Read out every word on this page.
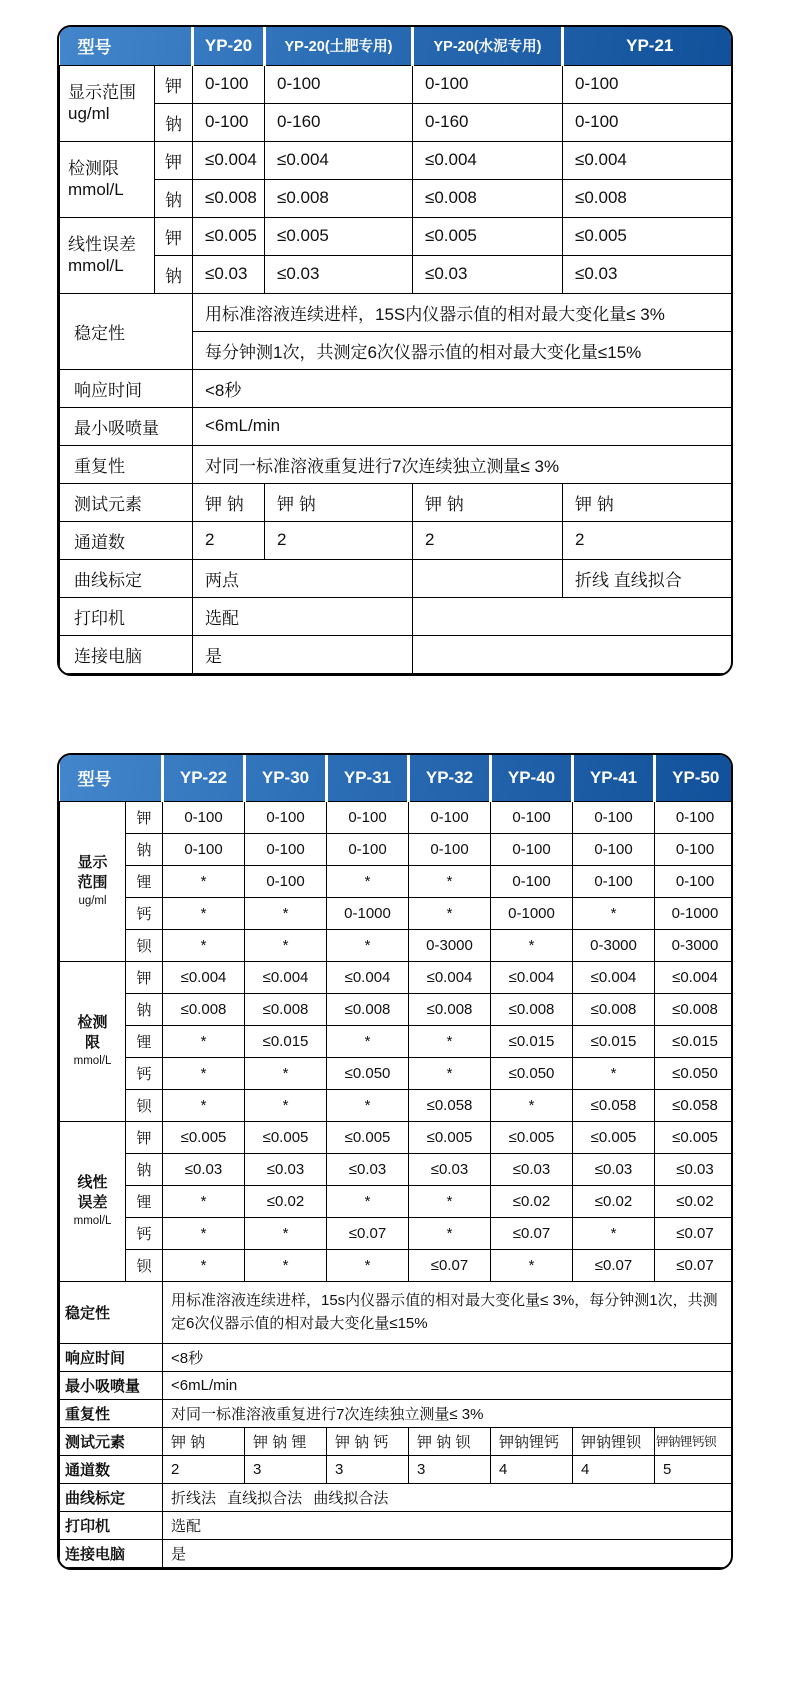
型号		YP-20	YP-20(土肥专用)	YP-20(水泥专用)	YP-21

显示范围
ug/ml	钾	0-100	0-100	0-100	0-100
	钠	0-100	0-160	0-160	0-100

检测限
mmol/L	钾	≤0.004	≤0.004	≤0.004	≤0.004
	钠	≤0.008	≤0.008	≤0.008	≤0.008

线性误差
mmol/L	钾	≤0.005	≤0.005	≤0.005	≤0.005
	钠	≤0.03	≤0.03	≤0.03	≤0.03
稳定性		用标准溶液连续进样，15S内仪器示值的相对最大变化量≤ 3%			
		每分钟测1次，共测定6次仪器示值的相对最大变化量≤15%			
响应时间		<8秒			
最小吸喷量		<6mL/min			
重复性		对同一标准溶液重复进行7次连续独立测量≤ 3%			
测试元素		钾 钠	钾 钠	钾 钠	钾 钠
通道数		2	2	2	2
曲线标定		两点			折线 直线拟合
打印机		选配			
连接电脑		是			
型号		YP-22	YP-30	YP-31	YP-32	YP-40	YP-41	YP-50

显示
范围
ug/ml	钾	0-100	0-100	0-100	0-100	0-100	0-100	0-100
	钠	0-100	0-100	0-100	0-100	0-100	0-100	0-100
	锂	*	0-100	*	*	0-100	0-100	0-100
	钙	*	*	0-1000	*	0-1000	*	0-1000
	钡	*	*	*	0-3000	*	0-3000	0-3000

检测
限
mmol/L	钾	≤0.004	≤0.004	≤0.004	≤0.004	≤0.004	≤0.004	≤0.004
	钠	≤0.008	≤0.008	≤0.008	≤0.008	≤0.008	≤0.008	≤0.008
	锂	*	≤0.015	*	*	≤0.015	≤0.015	≤0.015
	钙	*	*	≤0.050	*	≤0.050	*	≤0.050
	钡	*	*	*	≤0.058	*	≤0.058	≤0.058

线性
误差
mmol/L	钾	≤0.005	≤0.005	≤0.005	≤0.005	≤0.005	≤0.005	≤0.005
	钠	≤0.03	≤0.03	≤0.03	≤0.03	≤0.03	≤0.03	≤0.03
	锂	*	≤0.02	*	*	≤0.02	≤0.02	≤0.02
	钙	*	*	≤0.07	*	≤0.07	*	≤0.07
	钡	*	*	*	≤0.07	*	≤0.07	≤0.07
稳定性		用标准溶液连续进样，15s内仪器示值的相对最大变化量≤ 3%，每分钟测1次，共测定6次仪器示值的相对最大变化量≤15%						
响应时间		<8秒						
最小吸喷量		<6mL/min						
重复性		对同一标准溶液重复进行7次连续独立测量≤ 3%						
测试元素		钾 钠	钾 钠 锂	钾 钠 钙	钾 钠 钡	钾钠锂钙	钾钠锂钡	钾钠锂钙钡
通道数		2	3	3	3	4	4	5
曲线标定		折线法 直线拟合法 曲线拟合法						
打印机		选配						
连接电脑		是						
